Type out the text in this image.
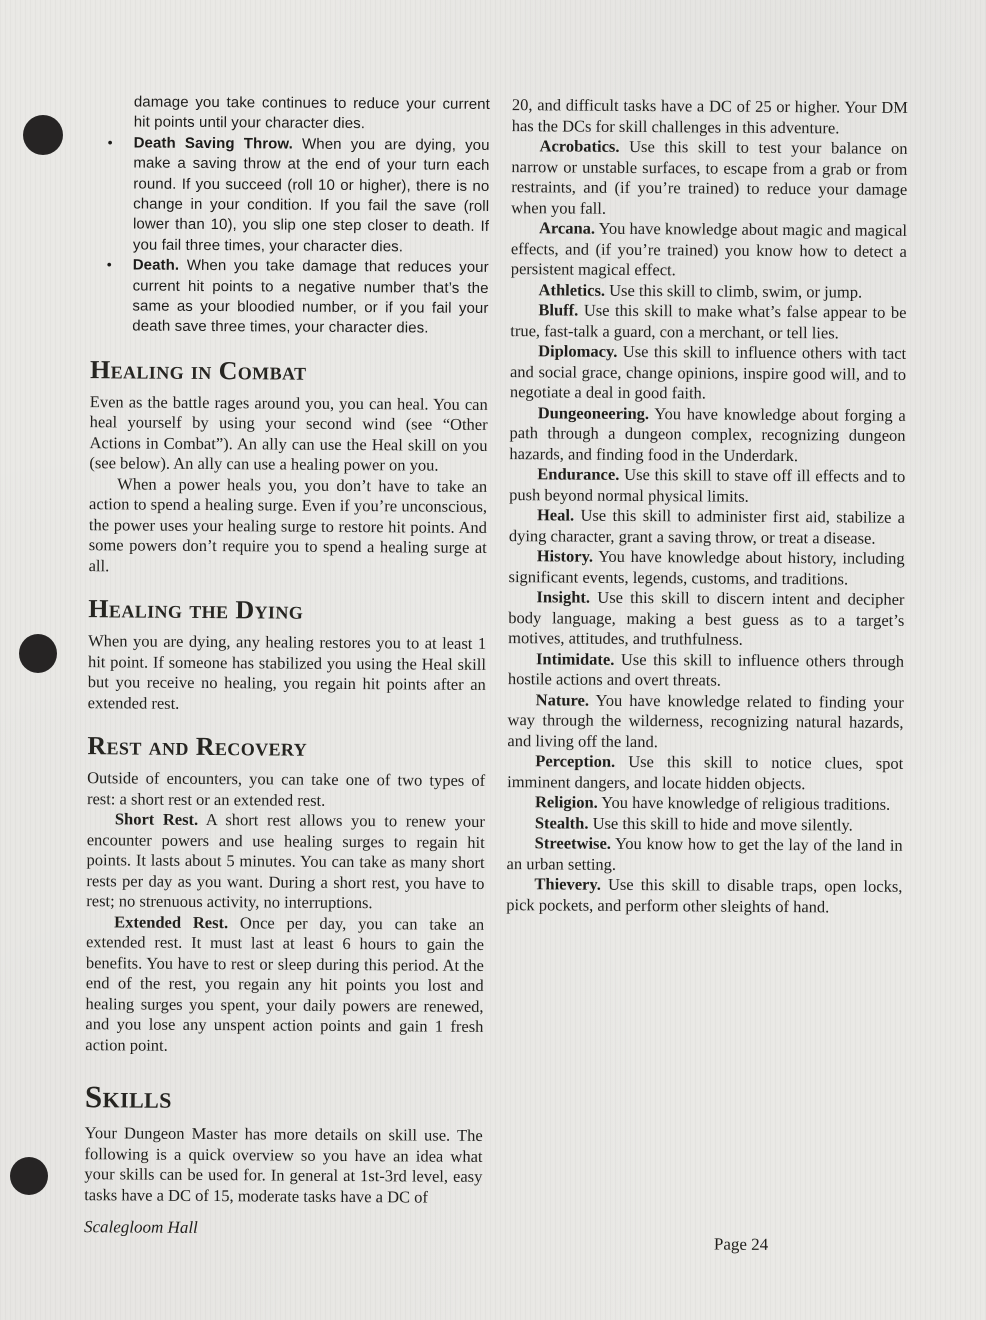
damage you take continues to reduce your current hit points until your character dies.

• Death Saving Throw. When you are dying, you make a saving throw at the end of your turn each round. If you succeed (roll 10 or higher), there is no change in your condition. If you fail the save (roll lower than 10), you slip one step closer to death. If you fail three times, your character dies.

• Death. When you take damage that reduces your current hit points to a negative number that’s the same as your bloodied number, or if you fail your death save three times, your character dies.

Healing in Combat

Even as the battle rages around you, you can heal. You can heal yourself by using your second wind (see “Other Actions in Combat”). An ally can use the Heal skill on you (see below). An ally can use a healing power on you.

When a power heals you, you don’t have to take an action to spend a healing surge. Even if you’re unconscious, the power uses your healing surge to restore hit points. And some powers don’t require you to spend a healing surge at all.

Healing the Dying

When you are dying, any healing restores you to at least 1 hit point. If someone has stabilized you using the Heal skill but you receive no healing, you regain hit points after an extended rest.

Rest and Recovery

Outside of encounters, you can take one of two types of rest: a short rest or an extended rest.

Short Rest. A short rest allows you to renew your encounter powers and use healing surges to regain hit points. It lasts about 5 minutes. You can take as many short rests per day as you want. During a short rest, you have to rest; no strenuous activity, no interruptions.

Extended Rest. Once per day, you can take an extended rest. It must last at least 6 hours to gain the benefits. You have to rest or sleep during this period. At the end of the rest, you regain any hit points you lost and healing surges you spent, your daily powers are renewed, and you lose any unspent action points and gain 1 fresh action point.

Skills

Your Dungeon Master has more details on skill use. The following is a quick overview so you have an idea what your skills can be used for. In general at 1st-3rd level, easy tasks have a DC of 15, moderate tasks have a DC of

20, and difficult tasks have a DC of 25 or higher. Your DM has the DCs for skill challenges in this adventure.

Acrobatics. Use this skill to test your balance on narrow or unstable surfaces, to escape from a grab or from restraints, and (if you’re trained) to reduce your damage when you fall.

Arcana. You have knowledge about magic and magical effects, and (if you’re trained) you know how to detect a persistent magical effect.

Athletics. Use this skill to climb, swim, or jump.

Bluff. Use this skill to make what’s false appear to be true, fast-talk a guard, con a merchant, or tell lies.

Diplomacy. Use this skill to influence others with tact and social grace, change opinions, inspire good will, and to negotiate a deal in good faith.

Dungeoneering. You have knowledge about forging a path through a dungeon complex, recognizing dungeon hazards, and finding food in the Underdark.

Endurance. Use this skill to stave off ill effects and to push beyond normal physical limits.

Heal. Use this skill to administer first aid, stabilize a dying character, grant a saving throw, or treat a disease.

History. You have knowledge about history, including significant events, legends, customs, and traditions.

Insight. Use this skill to discern intent and decipher body language, making a best guess as to a target’s motives, attitudes, and truthfulness.

Intimidate. Use this skill to influence others through hostile actions and overt threats.

Nature. You have knowledge related to finding your way through the wilderness, recognizing natural hazards, and living off the land.

Perception. Use this skill to notice clues, spot imminent dangers, and locate hidden objects.

Religion. You have knowledge of religious traditions.

Stealth. Use this skill to hide and move silently.

Streetwise. You know how to get the lay of the land in an urban setting.

Thievery. Use this skill to disable traps, open locks, pick pockets, and perform other sleights of hand.

Scalegloom Hall
Page 24
